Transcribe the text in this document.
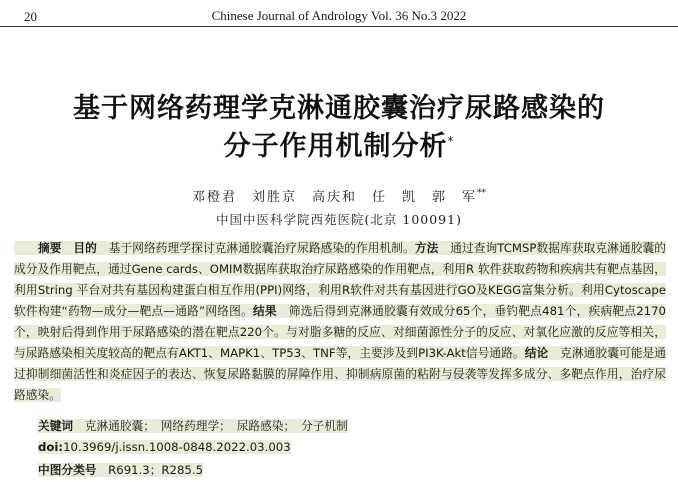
20	Chinese Journal of Andrology Vol. 36 No.3 2022
基于网络药理学克淋通胶囊治疗尿路感染的
分子作用机制分析*
邓橙君　刘胜京　高庆和　任　凯　郭　军**
中国中医科学院西苑医院(北京 100091)
摘要　 目的　 基于网络药理学探讨克淋通胶囊治疗尿路感染的作用机制。方法　 通过查询TCMSP数据库获取克淋通胶囊的成分及作用靶点，通过Gene cards、OMIM数据库获取治疗尿路感染的作用靶点，利用R 软件获取药物和疾病共有靶点基因，利用String 平台对共有基因构建蛋白相互作用(PPI)网络，利用R软件对共有基因进行GO及KEGG富集分析。利用Cytoscape 软件构建“药物—成分—靶点—通路”网络图。结果　 筛选后得到克淋通胶囊有效成分65个，垂钓靶点481个，疾病靶点2170个，映射后得到作用于尿路感染的潜在靶点220个。与对脂多糖的反应、对细菌源性分子的反应、对氧化应激的反应等相关，与尿路感染相关度较高的靶点有AKT1、MAPK1、TP53、TNF等，主要涉及到PI3K-Akt信号通路。结论　 克淋通胶囊可能是通过抑制细菌活性和炎症因子的表达、恢复尿路黏膜的屏障作用、抑制病原菌的粘附与侵袭等发挥多成分、多靶点作用，治疗尿路感染。
关键词　 克淋通胶囊；　网络药理学；　尿路感染；　分子机制
doi:10.3969/j.issn.1008-0848.2022.03.003
中图分类号　 R691.3；R285.5
